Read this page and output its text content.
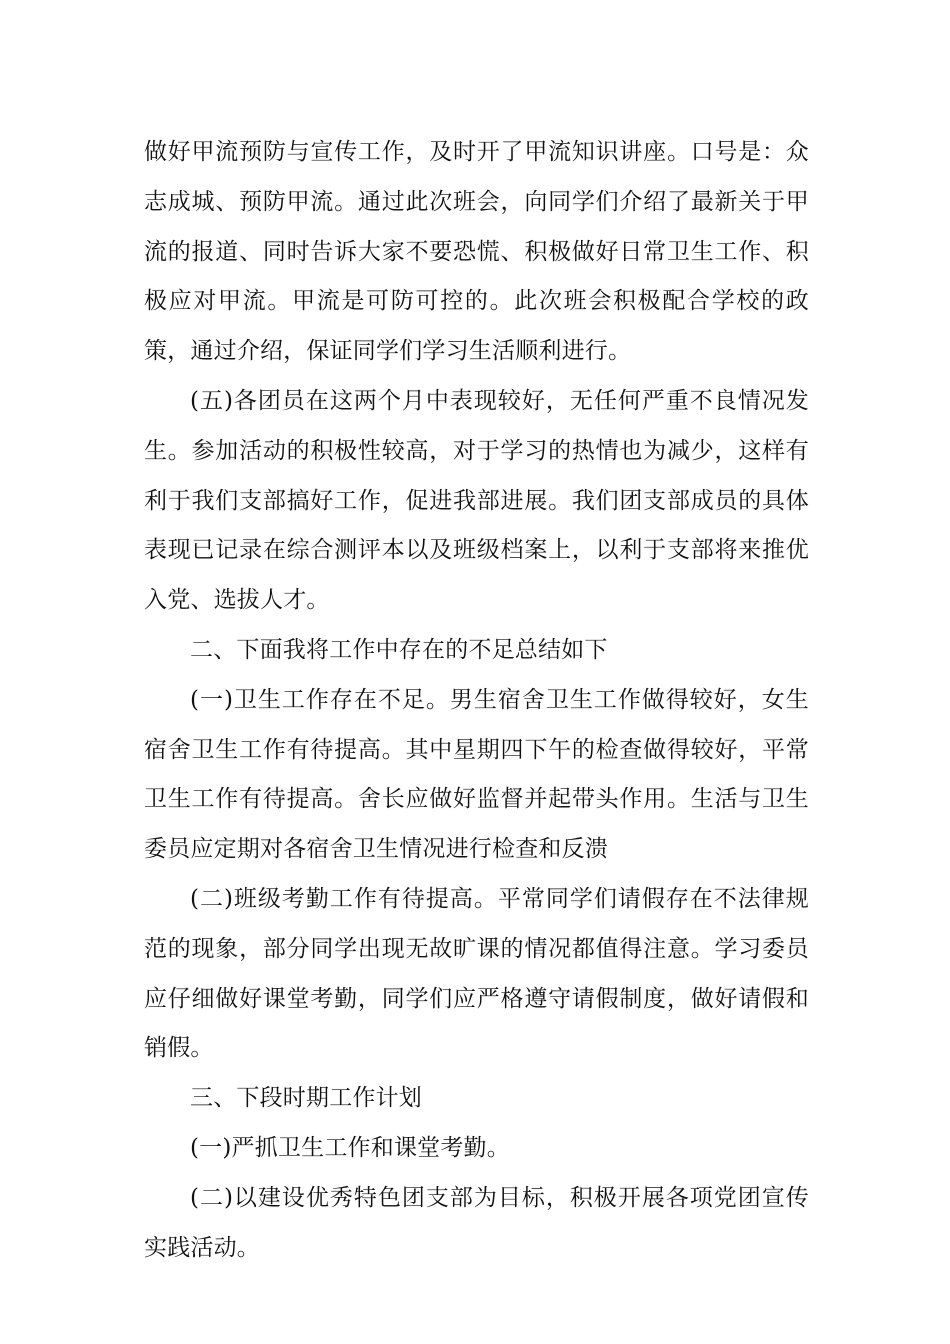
做好甲流预防与宣传工作，及时开了甲流知识讲座。口号是：众志成城、预防甲流。通过此次班会，向同学们介绍了最新关于甲流的报道、同时告诉大家不要恐慌、积极做好日常卫生工作、积极应对甲流。甲流是可防可控的。此次班会积极配合学校的政策，通过介绍，保证同学们学习生活顺利进行。

(五)各团员在这两个月中表现较好，无任何严重不良情况发生。参加活动的积极性较高，对于学习的热情也为减少，这样有利于我们支部搞好工作，促进我部进展。我们团支部成员的具体表现已记录在综合测评本以及班级档案上，以利于支部将来推优入党、选拔人才。

二、下面我将工作中存在的不足总结如下

(一)卫生工作存在不足。男生宿舍卫生工作做得较好，女生宿舍卫生工作有待提高。其中星期四下午的检查做得较好，平常卫生工作有待提高。舍长应做好监督并起带头作用。生活与卫生委员应定期对各宿舍卫生情况进行检查和反溃

(二)班级考勤工作有待提高。平常同学们请假存在不法律规范的现象，部分同学出现无故旷课的情况都值得注意。学习委员应仔细做好课堂考勤，同学们应严格遵守请假制度，做好请假和销假。

三、下段时期工作计划

(一)严抓卫生工作和课堂考勤。

(二)以建设优秀特色团支部为目标，积极开展各项党团宣传实践活动。
